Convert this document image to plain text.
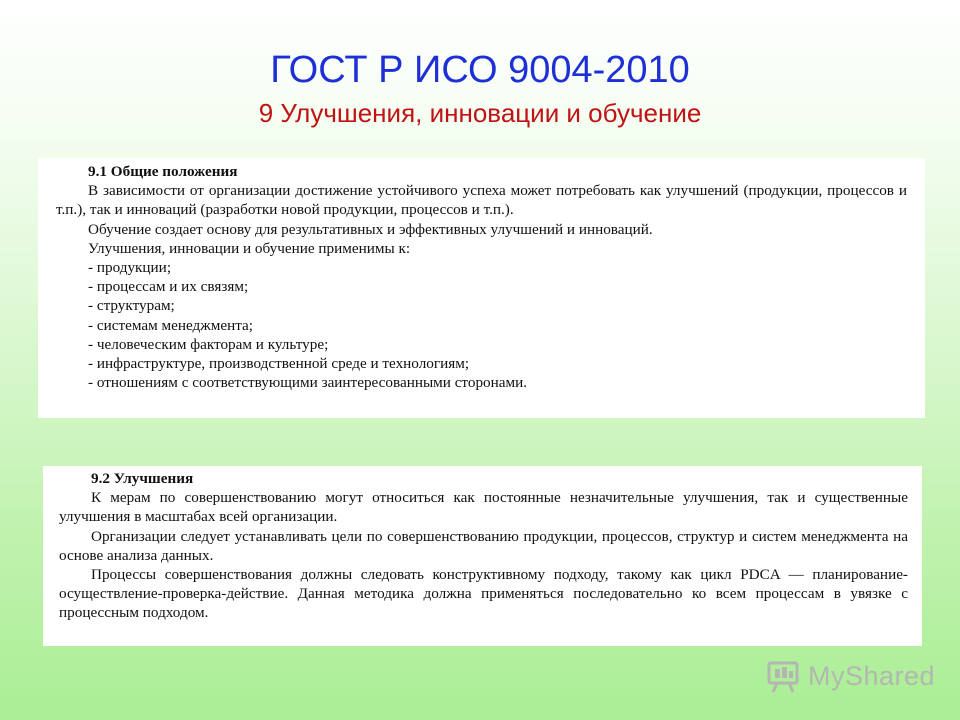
ГОСТ Р ИСО 9004-2010
9 Улучшения, инновации и обучение
9.1 Общие положения

В зависимости от организации достижение устойчивого успеха может потребовать как улучшений (продукции, процессов и т.п.), так и инноваций (разработки новой продукции, процессов и т.п.).

Обучение создает основу для результативных и эффективных улучшений и инноваций.

Улучшения, инновации и обучение применимы к:

- продукции;
- процессам и их связям;
- структурам;
- системам менеджмента;
- человеческим факторам и культуре;
- инфраструктуре, производственной среде и технологиям;
- отношениям с соответствующими заинтересованными сторонами.
9.2 Улучшения

К мерам по совершенствованию могут относиться как постоянные незначительные улучшения, так и существенные улучшения в масштабах всей организации.

Организации следует устанавливать цели по совершенствованию продукции, процессов, структур и систем менеджмента на основе анализа данных.

Процессы совершенствования должны следовать конструктивному подходу, такому как цикл PDCA — планирование-осуществление-проверка-действие. Данная методика должна применяться последовательно ко всем процессам в увязке с процессным подходом.

MyShared
